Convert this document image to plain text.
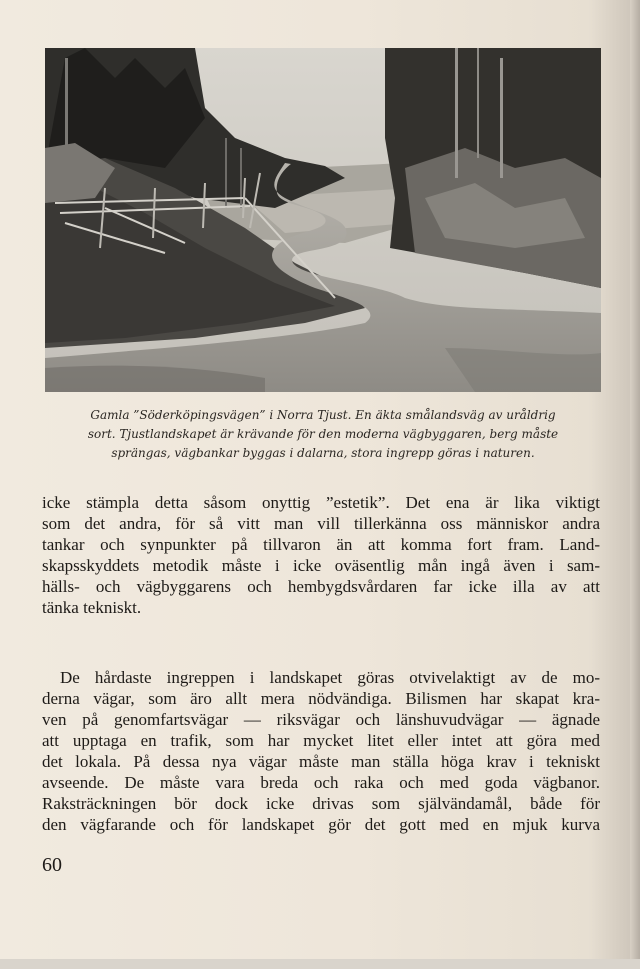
Gamla ”Söderköpingsvägen” i Norra Tjust. En äkta smålandsväg av uråldrig
sort. Tjustlandskapet är krävande för den moderna vägbyggaren, berg måste
sprängas, vägbankar byggas i dalarna, stora ingrepp göras i naturen.
icke stämpla detta såsom onyttig ”estetik”. Det ena är lika viktigt
som det andra, för så vitt man vill tillerkänna oss människor andra
tankar och synpunkter på tillvaron än att komma fort fram. Land-
skapsskyddets metodik måste i icke oväsentlig mån ingå även i sam-
hälls- och vägbyggarens och hembygdsvårdaren far icke illa av att
tänka tekniskt.
De hårdaste ingreppen i landskapet göras otvivelaktigt av de mo-
derna vägar, som äro allt mera nödvändiga. Bilismen har skapat kra-
ven på genomfartsvägar — riksvägar och länshuvudvägar — ägnade
att upptaga en trafik, som har mycket litet eller intet att göra med
det lokala. På dessa nya vägar måste man ställa höga krav i tekniskt
avseende. De måste vara breda och raka och med goda vägbanor.
Raksträckningen bör dock icke drivas som självändamål, både för
den vägfarande och för landskapet gör det gott med en mjuk kurva
60
